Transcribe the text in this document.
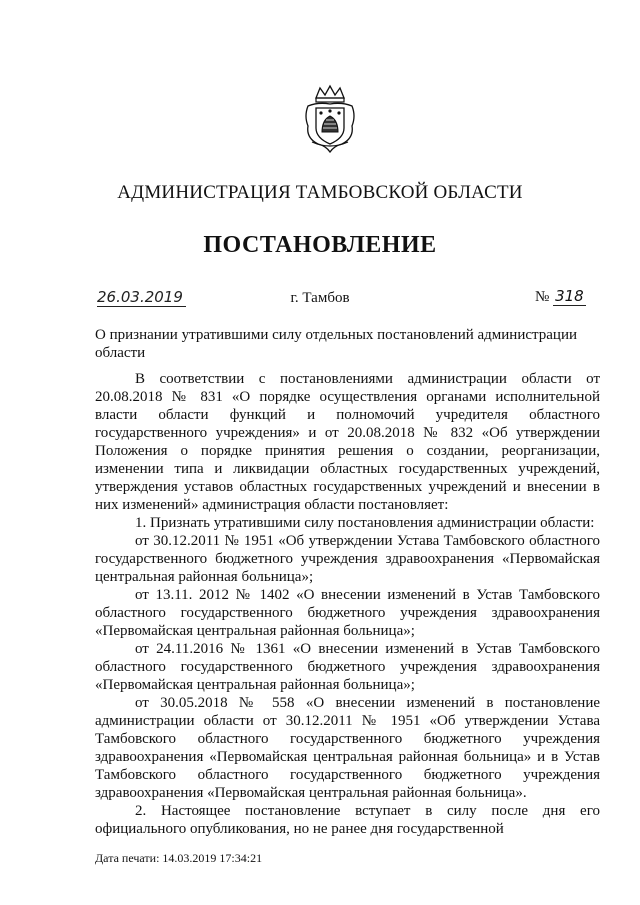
АДМИНИСТРАЦИЯ ТАМБОВСКОЙ ОБЛАСТИ
ПОСТАНОВЛЕНИЕ
26.03.2019	г. Тамбов	№ 318
О признании утратившими силу отдельных постановлений администрации области

В соответствии с постановлениями администрации области от 20.08.2018 № 831 «О порядке осуществления органами исполнительной власти области функций и полномочий учредителя областного государственного учреждения» и от 20.08.2018 № 832 «Об утверждении Положения о порядке принятия решения о создании, реорганизации, изменении типа и ликвидации областных государственных учреждений, утверждения уставов областных государственных учреждений и внесении в них изменений» администрация области постановляет:

1. Признать утратившими силу постановления администрации области:

от 30.12.2011 № 1951 «Об утверждении Устава Тамбовского областного государственного бюджетного учреждения здравоохранения «Первомайская центральная районная больница»;

от 13.11. 2012 № 1402 «О внесении изменений в Устав Тамбовского областного государственного бюджетного учреждения здравоохранения «Первомайская центральная районная больница»;

от 24.11.2016 № 1361 «О внесении изменений в Устав Тамбовского областного государственного бюджетного учреждения здравоохранения «Первомайская центральная районная больница»;

от 30.05.2018 № 558 «О внесении изменений в постановление администрации области от 30.12.2011 № 1951 «Об утверждении Устава Тамбовского областного государственного бюджетного учреждения здравоохранения «Первомайская центральная районная больница» и в Устав Тамбовского областного государственного бюджетного учреждения здравоохранения «Первомайская центральная районная больница».

2. Настоящее постановление вступает в силу после дня его официального опубликования, но не ранее дня государственной

Дата печати: 14.03.2019 17:34:21
